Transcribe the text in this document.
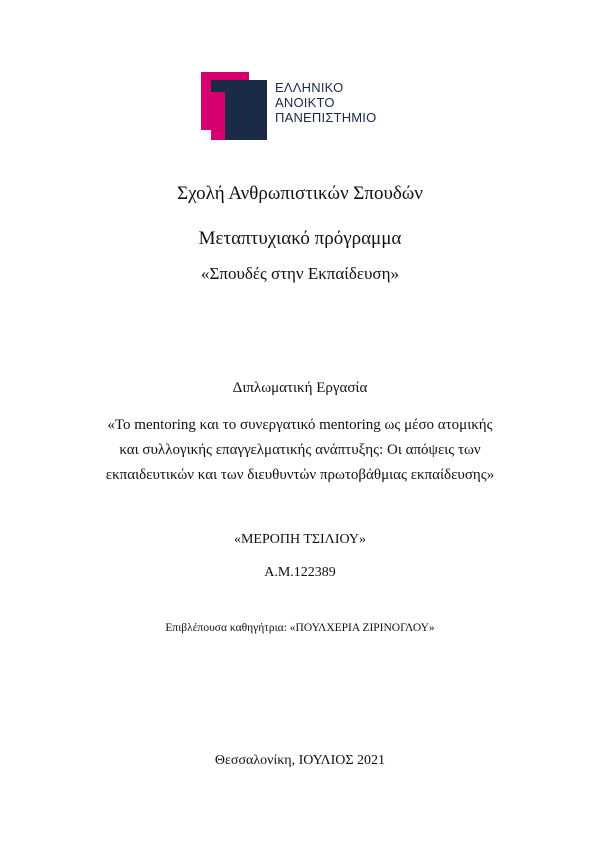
ΕΛΛΗΝΙΚΟ
ΑΝΟΙΚΤΟ
ΠΑΝΕΠΙΣΤΗΜΙΟ
Σχολή Ανθρωπιστικών Σπουδών
Μεταπτυχιακό πρόγραμμα
«Σπουδές στην Εκπαίδευση»
Διπλωματική Εργασία
«Το mentoring και το συνεργατικό mentoring ως μέσο ατομικής
και συλλογικής επαγγελματικής ανάπτυξης: Οι απόψεις των
εκπαιδευτικών και των διευθυντών πρωτοβάθμιας εκπαίδευσης»
«ΜΕΡΟΠΗ ΤΣΙΛΙΟΥ»
Α.Μ.122389
Επιβλέπουσα καθηγήτρια: «ΠΟΥΛΧΕΡΙΑ ΖΙΡΙΝΟΓΛΟΥ»
Θεσσαλονίκη, ΙΟΥΛΙΟΣ 2021
